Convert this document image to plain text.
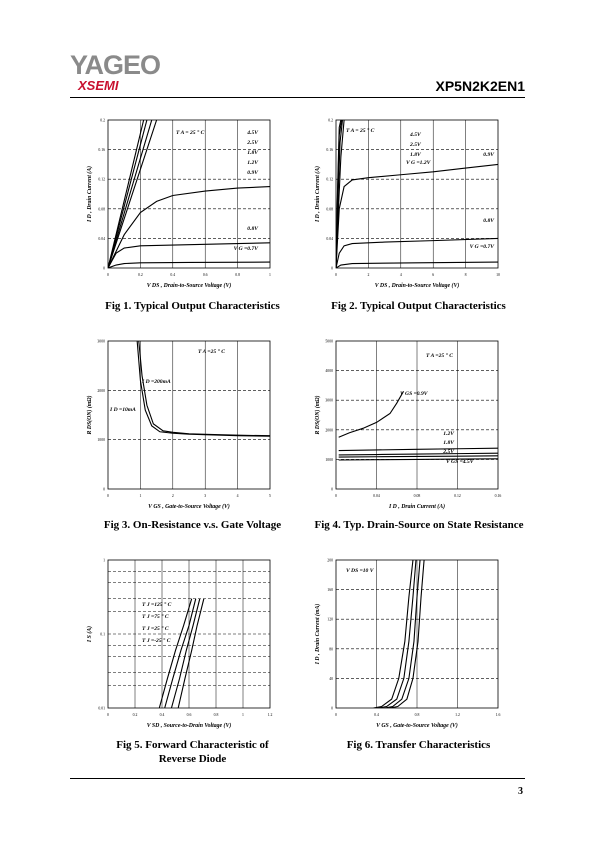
YAGEO
XSEMI	XP5N2K2EN1
0	0.2	0.4	0.6	0.8	1
0
0.04
0.08
0.12
0.16
0.2
V DS , Drain-to-Source Voltage (V)
I D , Drain Current (A)
T A = 25 ° C	4.5V
2.5V
1.8V
1.2V
0.9V
0.8V
V G =0.7V
Fig 1. Typical Output Characteristics
0	2	4	6	8	10
0
0.04
0.08
0.12
0.16
0.2
V DS , Drain-to-Source Voltage (V)
I D , Drain Current (A)
T A = 25 ° C
4.5V
2.5V
1.8V
V G =1.2V
0.9V
0.8V
V G =0.7V
Fig 2. Typical Output Characteristics
0	1	2	3	4	5
0
1000
2000
3000
V GS , Gate-to-Source Voltage (V)
R DS(ON) (mΩ)
T A =25 ° C
I D =200mA
I D =10mA
Fig 3. On-Resistance v.s. Gate Voltage
0	0.04	0.08	0.12	0.16
0
1000
2000
3000
4000
5000
I D , Drain Current (A)
R DS(ON) (mΩ)
T A =25 ° C
V GS =0.9V
1.2V
1.8V
2.5V
V GS =4.5V
Fig 4. Typ. Drain-Source on State Resistance
0	0.2	0.4	0.6	0.8	1	1.2
0.01
0.1
1
V SD , Source-to-Drain Voltage (V)
I S (A)
T J =125 ° C
T J =75 ° C
T J =25 ° C
T J =-25 ° C
Fig 5. Forward Characteristic of Reverse Diode
0	0.4	0.8	1.2	1.6
0
40
80
120
160
200
V GS , Gate-to-Source Voltage (V)
I D , Drain Current (mA)
V DS =10 V
Fig 6. Transfer Characteristics
3
